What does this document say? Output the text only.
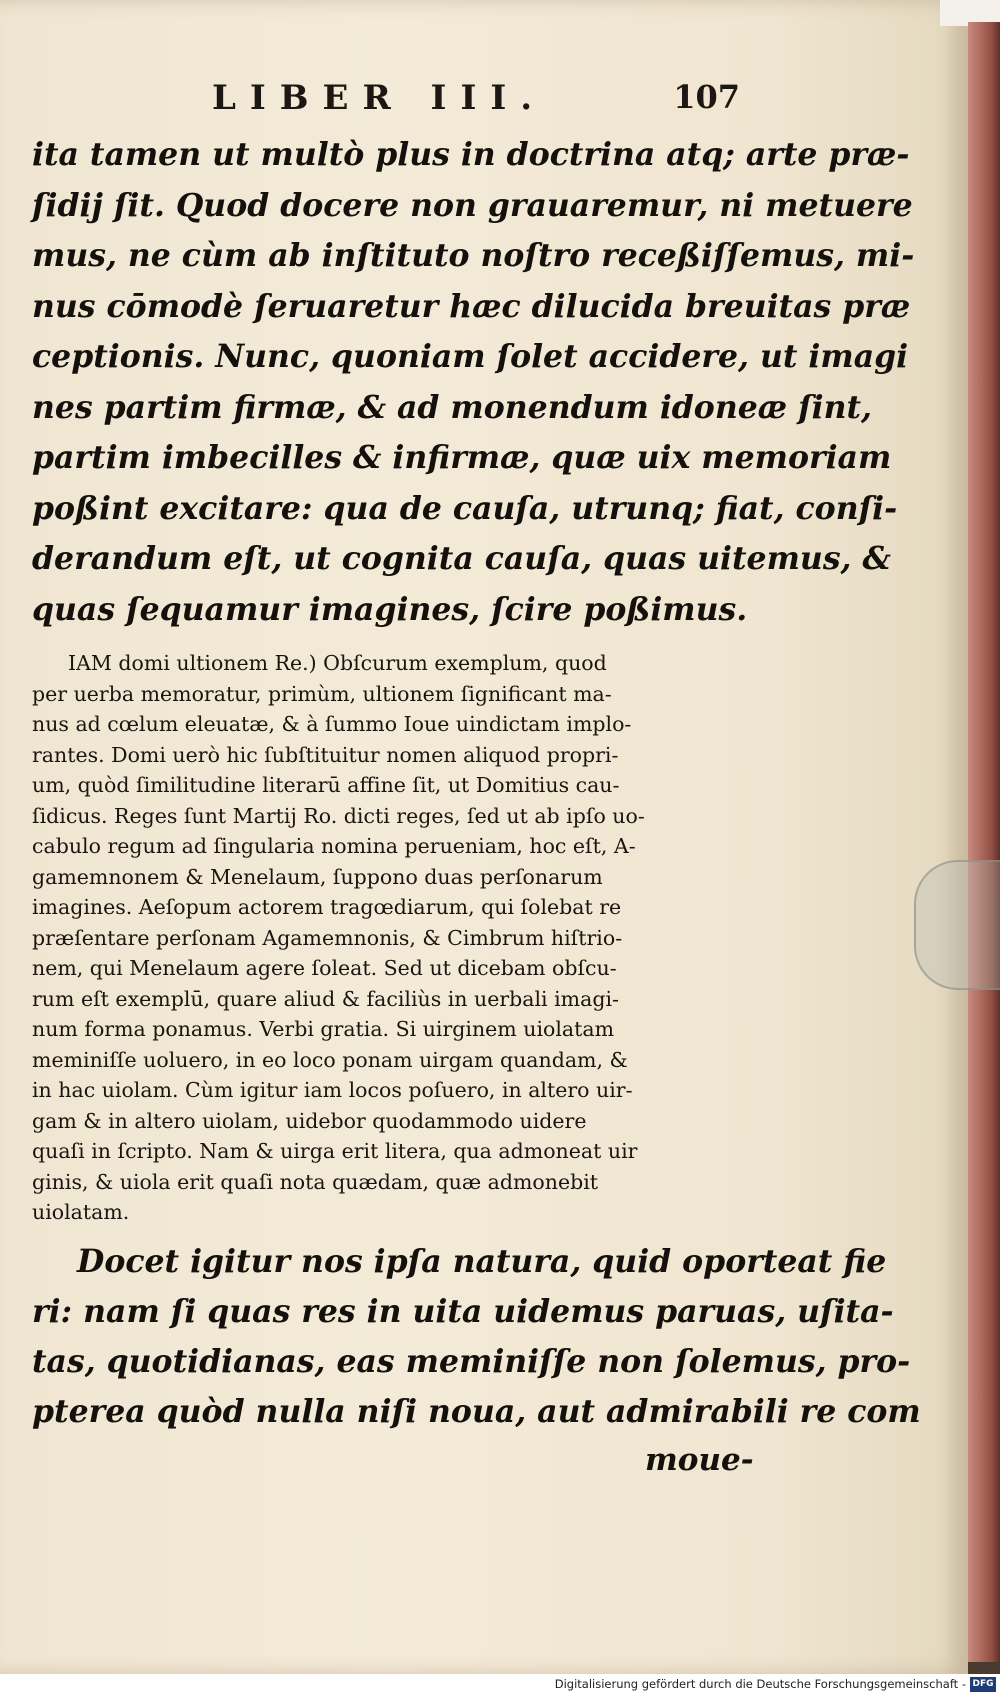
LIBER III.	107
ita tamen ut multò plus in doctrina atq; arte præ-
ſidij ſit. Quod docere non grauaremur, ni metuere
mus, ne cùm ab inſtituto noſtro receßiſſemus, mi-
nus cōmodè ſeruaretur hæc dilucida breuitas præ
ceptionis. Nunc, quoniam ſolet accidere, ut imagi
nes partim firmæ, & ad monendum idoneæ ſint,
partim imbecilles & infirmæ, quæ uix memoriam
poßint excitare: qua de cauſa, utrunq; fiat, conſi-
derandum eſt, ut cognita cauſa, quas uitemus, &
quas ſequamur imagines, ſcire poßimus.
IAM domi ultionem Re.) Obſcurum exemplum, quod
per uerba memoratur, primùm, ultionem ſignificant ma-
nus ad cœlum eleuatæ, & à ſummo Ioue uindictam implo-
rantes. Domi uerò hic ſubſtituitur nomen aliquod propri-
um, quòd ſimilitudine literarū affine ſit, ut Domitius cau-
ſidicus. Reges ſunt Martij Ro. dicti reges, ſed ut ab ipſo uo-
cabulo regum ad ſingularia nomina perueniam, hoc eſt, A-
gamemnonem & Menelaum, ſuppono duas perſonarum
imagines. Aeſopum actorem tragœdiarum, qui ſolebat re
præſentare perſonam Agamemnonis, & Cimbrum hiſtrio-
nem, qui Menelaum agere ſoleat. Sed ut dicebam obſcu-
rum eſt exemplū, quare aliud & faciliùs in uerbali imagi-
num forma ponamus. Verbi gratia. Si uirginem uiolatam
meminiſſe uoluero, in eo loco ponam uirgam quandam, &
in hac uiolam. Cùm igitur iam locos poſuero, in altero uir-
gam & in altero uiolam, uidebor quodammodo uidere
quaſi in ſcripto. Nam & uirga erit litera, qua admoneat uir
ginis, & uiola erit quaſi nota quædam, quæ admonebit
uiolatam.
Docet igitur nos ipſa natura, quid oporteat fie
ri: nam ſi quas res in uita uidemus paruas, uſita-
tas, quotidianas, eas meminiſſe non ſolemus, pro-
pterea quòd nulla niſi noua, aut admirabili re com
moue-
Digitalisierung gefördert durch die Deutsche Forschungsgemeinschaft - DFG
